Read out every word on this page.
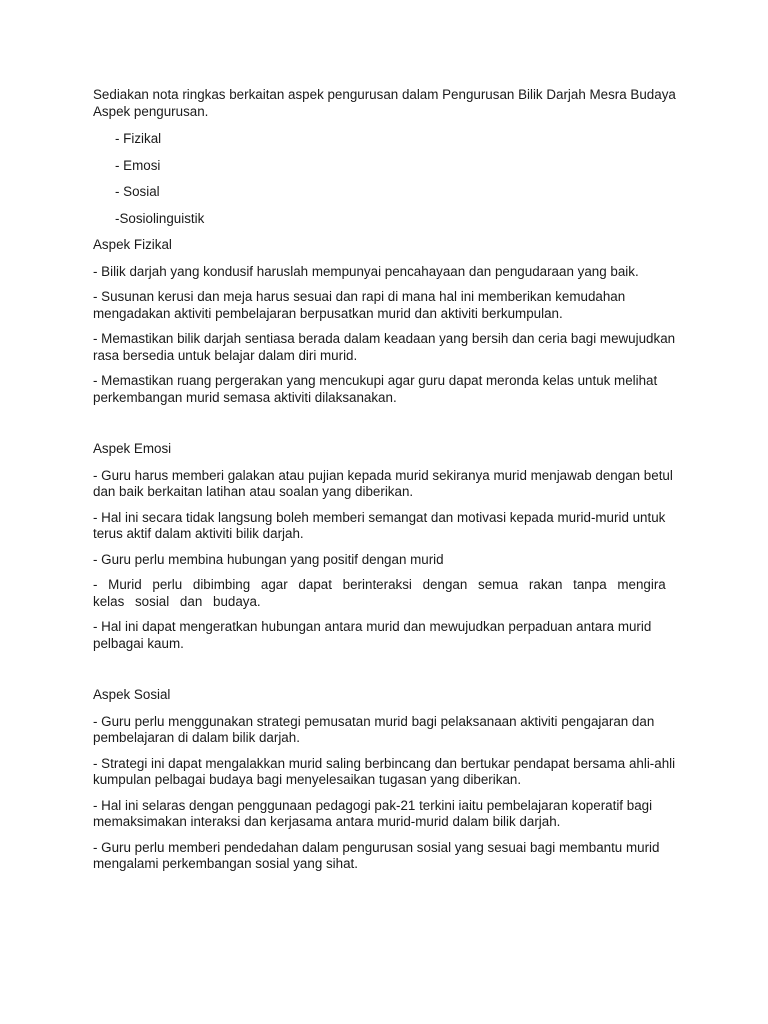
Sediakan nota ringkas berkaitan aspek pengurusan dalam Pengurusan Bilik Darjah Mesra Budaya Aspek pengurusan.

- Fizikal

- Emosi

- Sosial

-Sosiolinguistik

Aspek Fizikal

- Bilik darjah yang kondusif haruslah mempunyai pencahayaan dan pengudaraan yang baik.

- Susunan kerusi dan meja harus sesuai dan rapi di mana hal ini memberikan kemudahan mengadakan aktiviti pembelajaran berpusatkan murid dan aktiviti berkumpulan.

- Memastikan bilik darjah sentiasa berada dalam keadaan yang bersih dan ceria bagi mewujudkan rasa bersedia untuk belajar dalam diri murid.

- Memastikan ruang pergerakan yang mencukupi agar guru dapat meronda kelas untuk melihat perkembangan murid semasa aktiviti dilaksanakan.

Aspek Emosi

- Guru harus memberi galakan atau pujian kepada murid sekiranya murid menjawab dengan betul dan baik berkaitan latihan atau soalan yang diberikan.

- Hal ini secara tidak langsung boleh memberi semangat dan motivasi kepada murid-murid untuk terus aktif dalam aktiviti bilik darjah.

- Guru perlu membina hubungan yang positif dengan murid

- Murid perlu dibimbing agar dapat berinteraksi dengan semua rakan tanpa mengira kelas sosial dan budaya.

- Hal ini dapat mengeratkan hubungan antara murid dan mewujudkan perpaduan antara murid pelbagai kaum.

Aspek Sosial

- Guru perlu menggunakan strategi pemusatan murid bagi pelaksanaan aktiviti pengajaran dan pembelajaran di dalam bilik darjah.

- Strategi ini dapat mengalakkan murid saling berbincang dan bertukar pendapat bersama ahli-ahli kumpulan pelbagai budaya bagi menyelesaikan tugasan yang diberikan.

- Hal ini selaras dengan penggunaan pedagogi pak-21 terkini iaitu pembelajaran koperatif bagi memaksimakan interaksi dan kerjasama antara murid-murid dalam bilik darjah.

- Guru perlu memberi pendedahan dalam pengurusan sosial yang sesuai bagi membantu murid mengalami perkembangan sosial yang sihat.
